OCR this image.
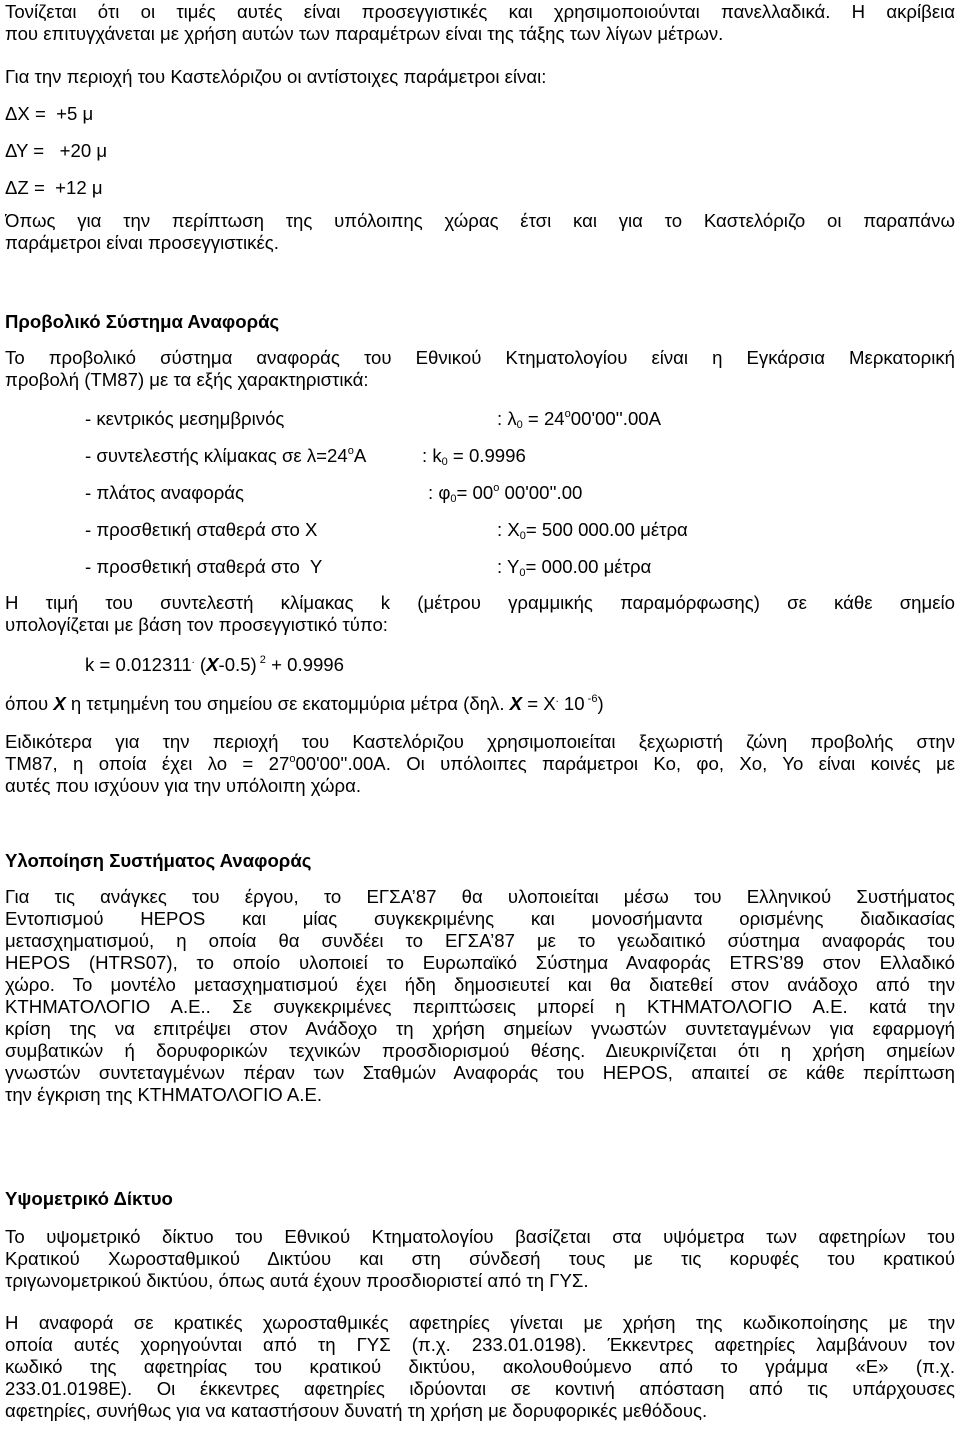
Τονίζεται ότι οι τιμές αυτές είναι προσεγγιστικές και χρησιμοποιούνται πανελλαδικά. Η ακρίβεια
που επιτυγχάνεται με χρήση αυτών των παραμέτρων είναι της τάξης των λίγων μέτρων.
Για την περιοχή του Καστελόριζου οι αντίστοιχες παράμετροι είναι:
ΔΧ =  +5 μ
ΔΥ =   +20 μ
ΔΖ =  +12 μ
Όπως για την περίπτωση της υπόλοιπης χώρας έτσι και για το Καστελόριζο οι παραπάνω
παράμετροι είναι προσεγγιστικές.
Προβολικό Σύστημα Αναφοράς
Το προβολικό σύστημα αναφοράς του Εθνικού Κτηματολογίου είναι η Εγκάρσια Μερκατορική
προβολή (ΤΜ87) με τα εξής χαρακτηριστικά:
- κεντρικός μεσημβρινός	: $\lambda_0 = 24^o00'00''.00A$
- συντελεστής κλίμακας σε $\lambda=24^oA$	: $k_0 = 0.9996$
- πλάτος αναφοράς	: $\varphi_0= 00^o$ 00'00''.00
- προσθετική σταθερά στο Χ	: $X_0= 500$ 000.00 μέτρα
- προσθετική σταθερά στο  Υ	: $\Upsilon_0= 000.00$ μέτρα
Η τιμή του συντελεστή κλίμακας k (μέτρου γραμμικής παραμόρφωσης) σε κάθε σημείο
υπολογίζεται με βάση τον προσεγγιστικό τύπο:
k = 0.012311. (X-0.5) $^2$ + 0.9996
όπου X η τετμημένη του σημείου σε εκατομμύρια μέτρα (δηλ. X = X. 10 $^{-6}$)
Ειδικότερα για την περιοχή του Καστελόριζου χρησιμοποιείται ξεχωριστή ζώνη προβολής στην
ΤΜ87, η οποία έχει $\lambda o = 27^o00'00''.00A$. Οι υπόλοιπες παράμετροι Κο, φο, Χο, Υο είναι κοινές με
αυτές που ισχύουν για την υπόλοιπη χώρα.
Υλοποίηση Συστήματος Αναφοράς
Για τις ανάγκες του έργου, το ΕΓΣΑ’87 θα υλοποιείται μέσω του Ελληνικού Συστήματος
Εντοπισμού HEPOS και μίας συγκεκριμένης και μονοσήμαντα ορισμένης διαδικασίας
μετασχηματισμού, η οποία θα συνδέει το ΕΓΣΑ’87 με το γεωδαιτικό σύστημα αναφοράς του
HEPOS (HTRS07), το οποίο υλοποιεί το Ευρωπαϊκό Σύστημα Αναφοράς ETRS’89 στον Ελλαδικό
χώρο. Το μοντέλο μετασχηματισμού έχει ήδη δημοσιευτεί και θα διατεθεί στον ανάδοχο από την
ΚΤΗΜΑΤΟΛΟΓΙΟ Α.Ε.. Σε συγκεκριμένες περιπτώσεις μπορεί η ΚΤΗΜΑΤΟΛΟΓΙΟ Α.Ε. κατά την
κρίση της να επιτρέψει στον Ανάδοχο τη χρήση σημείων γνωστών συντεταγμένων για εφαρμογή
συμβατικών ή δορυφορικών τεχνικών προσδιορισμού θέσης. Διευκρινίζεται ότι η χρήση σημείων
γνωστών συντεταγμένων πέραν των Σταθμών Αναφοράς του HEPOS, απαιτεί σε κάθε περίπτωση
την έγκριση της ΚΤΗΜΑΤΟΛΟΓΙΟ Α.Ε.
Υψομετρικό Δίκτυο
Το υψομετρικό δίκτυο του Εθνικού Κτηματολογίου βασίζεται στα υψόμετρα των αφετηρίων του
Κρατικού Χωροσταθμικού Δικτύου και στη σύνδεσή τους με τις κορυφές του κρατικού
τριγωνομετρικού δικτύου, όπως αυτά έχουν προσδιοριστεί από τη ΓΥΣ.
Η αναφορά σε κρατικές χωροσταθμικές αφετηρίες γίνεται με χρήση της κωδικοποίησης με την
οποία αυτές χορηγούνται από τη ΓΥΣ (π.χ. 233.01.0198). Έκκεντρες αφετηρίες λαμβάνουν τον
κωδικό της αφετηρίας του κρατικού δικτύου, ακολουθούμενο από το γράμμα «Ε» (π.χ.
233.01.0198Ε). Οι έκκεντρες αφετηρίες ιδρύονται σε κοντινή απόσταση από τις υπάρχουσες
αφετηρίες, συνήθως για να καταστήσουν δυνατή τη χρήση με δορυφορικές μεθόδους.
